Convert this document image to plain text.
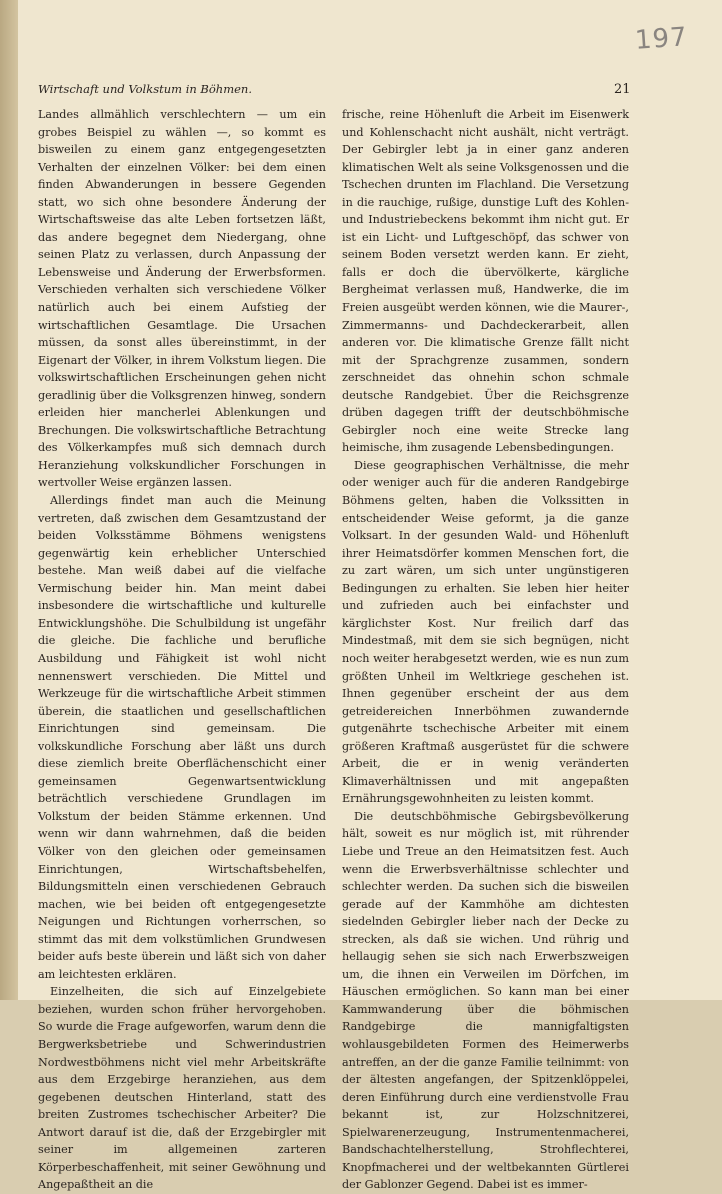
197
Wirtschaft und Volkstum in Böhmen.	21

Landes allmählich verschlechtern — um ein grobes Beispiel zu wählen —, so kommt es bisweilen zu einem ganz entgegengesetzten Verhalten der einzelnen Völker: bei dem einen finden Abwanderungen in bessere Gegenden statt, wo sich ohne besondere Änderung der Wirtschaftsweise das alte Leben fortsetzen läßt, das andere begegnet dem Niedergang, ohne seinen Platz zu verlassen, durch Anpassung der Lebensweise und Änderung der Erwerbsformen. Verschieden verhalten sich verschiedene Völker natürlich auch bei einem Aufstieg der wirtschaftlichen Gesamtlage. Die Ursachen müssen, da sonst alles übereinstimmt, in der Eigenart der Völker, in ihrem Volkstum liegen. Die volkswirtschaftlichen Erscheinungen gehen nicht geradlinig über die Volksgrenzen hinweg, sondern erleiden hier mancherlei Ablenkungen und Brechungen. Die volkswirtschaftliche Betrachtung des Völkerkampfes muß sich demnach durch Heranziehung volkskundlicher Forschungen in wertvoller Weise ergänzen lassen.

Allerdings findet man auch die Meinung vertreten, daß zwischen dem Gesamtzustand der beiden Volksstämme Böhmens wenigstens gegenwärtig kein erheblicher Unterschied bestehe. Man weiß dabei auf die vielfache Vermischung beider hin. Man meint dabei insbesondere die wirtschaftliche und kulturelle Entwicklungshöhe. Die Schulbildung ist ungefähr die gleiche. Die fachliche und berufliche Ausbildung und Fähigkeit ist wohl nicht nennenswert verschieden. Die Mittel und Werkzeuge für die wirtschaftliche Arbeit stimmen überein, die staatlichen und gesellschaftlichen Einrichtungen sind gemeinsam. Die volkskundliche Forschung aber läßt uns durch diese ziemlich breite Oberflächenschicht einer gemeinsamen Gegenwartsentwicklung beträchtlich verschiedene Grundlagen im Volkstum der beiden Stämme erkennen. Und wenn wir dann wahrnehmen, daß die beiden Völker von den gleichen oder gemeinsamen Einrichtungen, Wirtschaftsbehelfen, Bildungsmitteln einen verschiedenen Gebrauch machen, wie bei beiden oft entgegengesetzte Neigungen und Richtungen vorherrschen, so stimmt das mit dem volkstümlichen Grundwesen beider aufs beste überein und läßt sich von daher am leichtesten erklären.

Einzelheiten, die sich auf Einzelgebiete beziehen, wurden schon früher hervorgehoben. So wurde die Frage aufgeworfen, warum denn die Bergwerksbetriebe und Schwerindustrien Nordwestböhmens nicht viel mehr Arbeitskräfte aus dem Erzgebirge heranziehen, aus dem gegebenen deutschen Hinterland, statt des breiten Zustromes tschechischer Arbeiter? Die Antwort darauf ist die, daß der Erzgebirgler mit seiner im allgemeinen zarteren Körperbeschaffenheit, mit seiner Gewöhnung und Angepaßtheit an die

frische, reine Höhenluft die Arbeit im Eisenwerk und Kohlenschacht nicht aushält, nicht verträgt. Der Gebirgler lebt ja in einer ganz anderen klimatischen Welt als seine Volksgenossen und die Tschechen drunten im Flachland. Die Versetzung in die rauchige, rußige, dunstige Luft des Kohlen- und Industriebeckens bekommt ihm nicht gut. Er ist ein Licht- und Luftgeschöpf, das schwer von seinem Boden versetzt werden kann. Er zieht, falls er doch die übervölkerte, kärgliche Bergheimat verlassen muß, Handwerke, die im Freien ausgeübt werden können, wie die Maurer-, Zimmermanns- und Dachdeckerarbeit, allen anderen vor. Die klimatische Grenze fällt nicht mit der Sprachgrenze zusammen, sondern zerschneidet das ohnehin schon schmale deutsche Randgebiet. Über die Reichsgrenze drüben dagegen trifft der deutschböhmische Gebirgler noch eine weite Strecke lang heimische, ihm zusagende Lebensbedingungen.

Diese geographischen Verhältnisse, die mehr oder weniger auch für die anderen Randgebirge Böhmens gelten, haben die Volkssitten in entscheidender Weise geformt, ja die ganze Volksart. In der gesunden Wald- und Höhenluft ihrer Heimatsdörfer kommen Menschen fort, die zu zart wären, um sich unter ungünstigeren Bedingungen zu erhalten. Sie leben hier heiter und zufrieden auch bei einfachster und kärglichster Kost. Nur freilich darf das Mindestmaß, mit dem sie sich begnügen, nicht noch weiter herabgesetzt werden, wie es nun zum größten Unheil im Weltkriege geschehen ist. Ihnen gegenüber erscheint der aus dem getreidereichen Innerböhmen zuwandernde gutgenährte tschechische Arbeiter mit einem größeren Kraftmaß ausgerüstet für die schwere Arbeit, die er in wenig veränderten Klimaverhältnissen und mit angepaßten Ernährungsgewohnheiten zu leisten kommt.

Die deutschböhmische Gebirgsbevölkerung hält, soweit es nur möglich ist, mit rührender Liebe und Treue an den Heimatsitzen fest. Auch wenn die Erwerbsverhältnisse schlechter und schlechter werden. Da suchen sich die bisweilen gerade auf der Kammhöhe am dichtesten siedelnden Gebirgler lieber nach der Decke zu strecken, als daß sie wichen. Und rührig und hellaugig sehen sie sich nach Erwerbszweigen um, die ihnen ein Verweilen im Dörfchen, im Häuschen ermöglichen. So kann man bei einer Kammwanderung über die böhmischen Randgebirge die mannigfaltigsten wohlausgebildeten Formen des Heimerwerbs antreffen, an der die ganze Familie teilnimmt: von der ältesten angefangen, der Spitzenklöppelei, deren Einführung durch eine verdienstvolle Frau bekannt ist, zur Holzschnitzerei, Spielwarenerzeugung, Instrumentenmacherei, Bandschachtelherstellung, Strohflechterei, Knopfmacherei und der weltbekannten Gürtlerei der Gablonzer Gegend. Dabei ist es immer-
